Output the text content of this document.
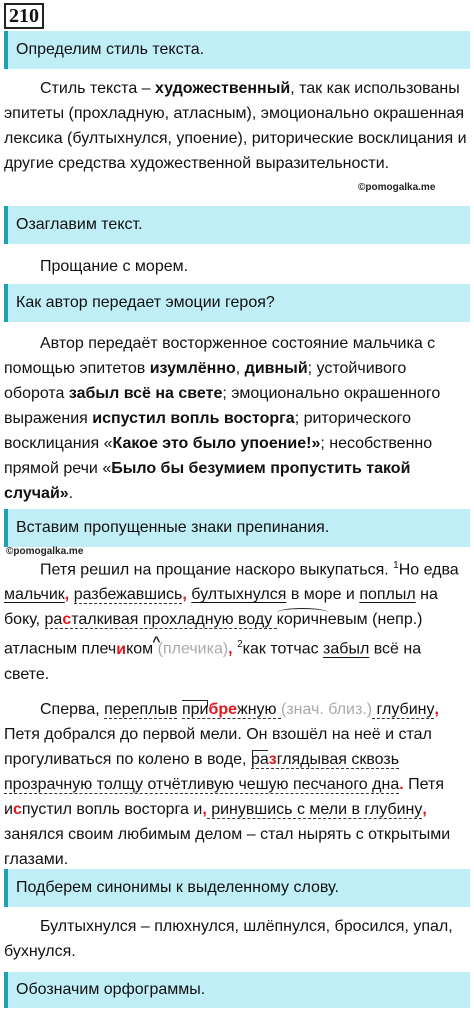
210
Определим стиль текста.

Стиль текста – художественный, так как использованы эпитеты (прохладную, атласным), эмоционально окрашенная лексика (бултыхнулся, упоение), риторические восклицания и другие средства художественной выразительности.

©pomogalka.me
Озаглавим текст.

Прощание с морем.

Как автор передает эмоции героя?

Автор передаёт восторженное состояние мальчика с помощью эпитетов изумлённо, дивный; устойчивого оборота забыл всё на свете; эмоционально окрашенного выражения испустил вопль восторга; риторического восклицания «Какое это было упоение!»; несобственно прямой речи «Было бы безумием пропустить такой случай».

Вставим пропущенные знаки препинания.
©pomogalka.me

Петя решил на прощание наскоро выкупаться. $^1$Но едва мальчик, разбежавшись, бултыхнулся в море и поплыл на боку, расталкивая прохладную воду коричневым (непр.) атласным плеч^ иком (плечика), $^2$как тотчас забыл всё на свете.

Сперва, переплыв прибрежную (знач. близ.) глубину, Петя добрался до первой мели. Он взошёл на неё и стал прогуливаться по колено в воде, разглядывая сквозь прозрачную толщу отчётливую чешую песчаного дна. Петя испустил вопль восторга и, ринувшись с мели в глубину, занялся своим любимым делом – стал нырять с открытыми глазами.

Подберем синонимы к выделенному слову.

Бултыхнулся – плюхнулся, шлёпнулся, бросился, упал, бухнулся.

Обозначим орфограммы.
